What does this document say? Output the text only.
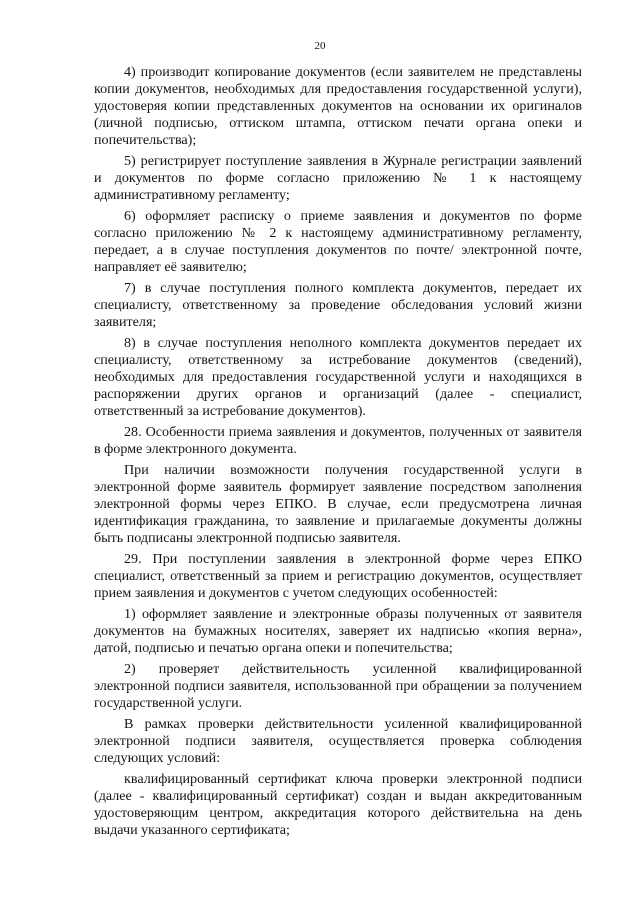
20

4) производит копирование документов (если заявителем не представлены копии документов, необходимых для предоставления государственной услуги), удостоверяя копии представленных документов на основании их оригиналов (личной подписью, оттиском штампа, оттиском печати органа опеки и попечительства);

5) регистрирует поступление заявления в Журнале регистрации заявлений и документов по форме согласно приложению № 1 к настоящему административному регламенту;

6) оформляет расписку о приеме заявления и документов по форме согласно приложению № 2 к настоящему административному регламенту, передает, а в случае поступления документов по почте/ электронной почте, направляет её заявителю;

7) в случае поступления полного комплекта документов, передает их специалисту, ответственному за проведение обследования условий жизни заявителя;

8) в случае поступления неполного комплекта документов передает их специалисту, ответственному за истребование документов (сведений), необходимых для предоставления государственной услуги и находящихся в распоряжении других органов и организаций (далее - специалист, ответственный за истребование документов).

28. Особенности приема заявления и документов, полученных от заявителя в форме электронного документа.

При наличии возможности получения государственной услуги в электронной форме заявитель формирует заявление посредством заполнения электронной формы через ЕПКО. В случае, если предусмотрена личная идентификация гражданина, то заявление и прилагаемые документы должны быть подписаны электронной подписью заявителя.

29. При поступлении заявления в электронной форме через ЕПКО специалист, ответственный за прием и регистрацию документов, осуществляет прием заявления и документов с учетом следующих особенностей:

1) оформляет заявление и электронные образы полученных от заявителя документов на бумажных носителях, заверяет их надписью «копия верна», датой, подписью и печатью органа опеки и попечительства;

2) проверяет действительность усиленной квалифицированной электронной подписи заявителя, использованной при обращении за получением государственной услуги.

В рамках проверки действительности усиленной квалифицированной электронной подписи заявителя, осуществляется проверка соблюдения следующих условий:

квалифицированный сертификат ключа проверки электронной подписи (далее - квалифицированный сертификат) создан и выдан аккредитованным удостоверяющим центром, аккредитация которого действительна на день выдачи указанного сертификата;
